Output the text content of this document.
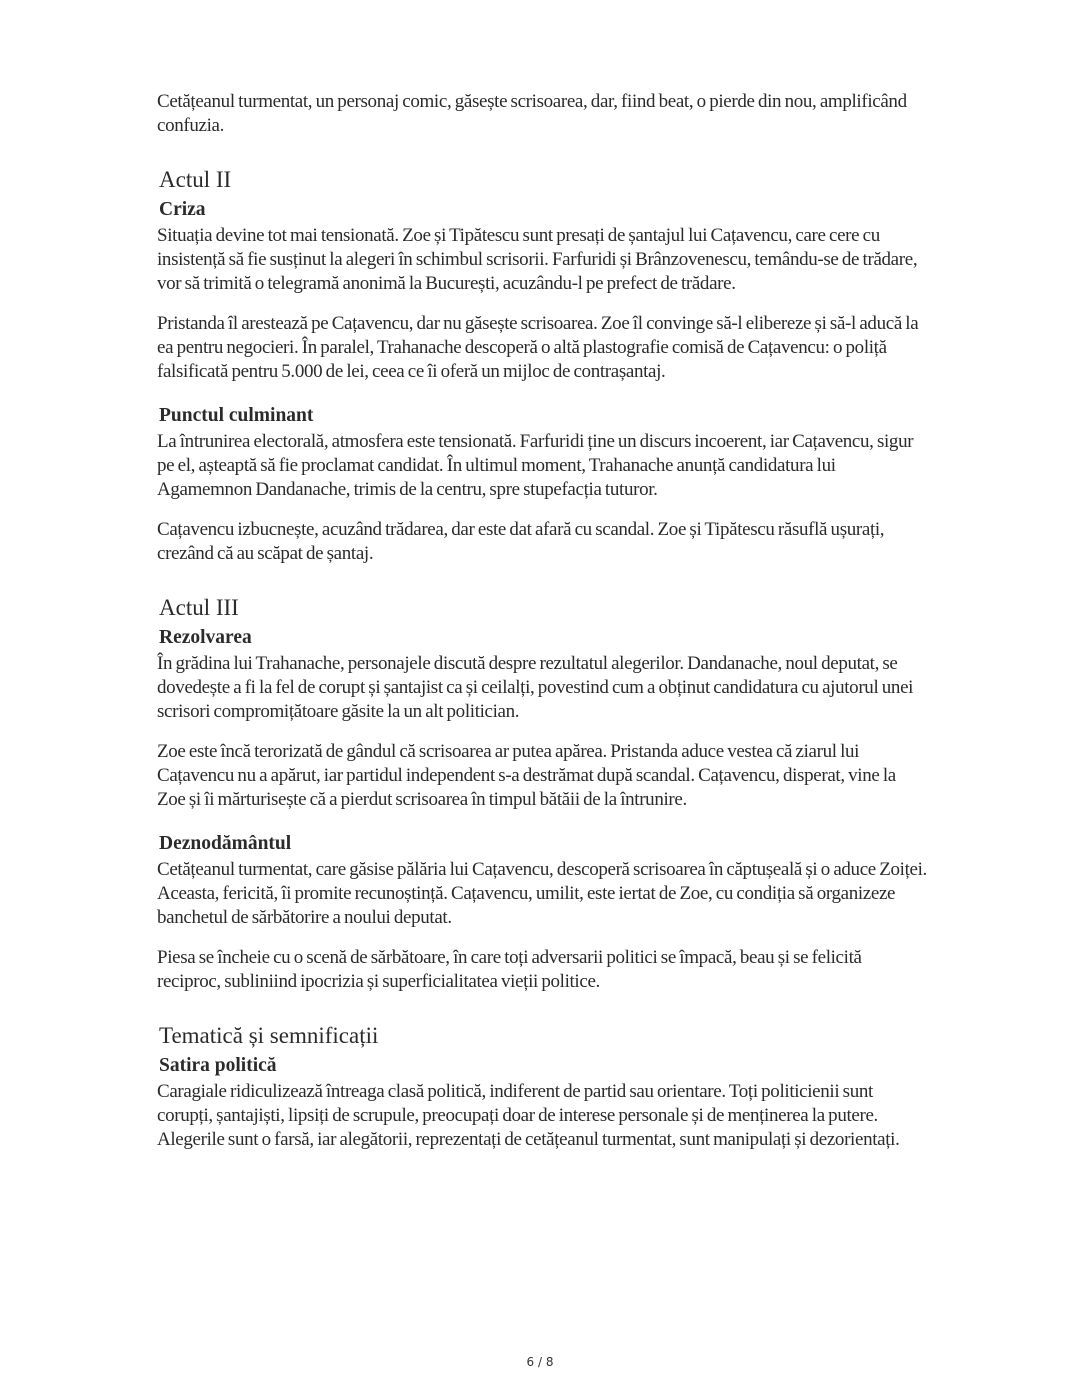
Cetățeanul turmentat, un personaj comic, găsește scrisoarea, dar, fiind beat, o pierde din nou, amplificând confuzia.

Actul II
Criza

Situația devine tot mai tensionată. Zoe și Tipătescu sunt presați de șantajul lui Cațavencu, care cere cu insistență să fie susținut la alegeri în schimbul scrisorii. Farfuridi și Brânzovenescu, temându-se de trădare, vor să trimită o telegramă anonimă la București, acuzându-l pe prefect de trădare.

Pristanda îl arestează pe Cațavencu, dar nu găsește scrisoarea. Zoe îl convinge să-l elibereze și să-l aducă la ea pentru negocieri. În paralel, Trahanache descoperă o altă plastografie comisă de Cațavencu: o poliță falsificată pentru 5.000 de lei, ceea ce îi oferă un mijloc de contrașantaj.

Punctul culminant

La întrunirea electorală, atmosfera este tensionată. Farfuridi ține un discurs incoerent, iar Cațavencu, sigur pe el, așteaptă să fie proclamat candidat. În ultimul moment, Trahanache anunță candidatura lui Agamemnon Dandanache, trimis de la centru, spre stupefacția tuturor.

Cațavencu izbucnește, acuzând trădarea, dar este dat afară cu scandal. Zoe și Tipătescu răsuflă ușurați, crezând că au scăpat de șantaj.

Actul III
Rezolvarea

În grădina lui Trahanache, personajele discută despre rezultatul alegerilor. Dandanache, noul deputat, se dovedește a fi la fel de corupt și șantajist ca și ceilalți, povestind cum a obținut candidatura cu ajutorul unei scrisori compromițătoare găsite la un alt politician.

Zoe este încă terorizată de gândul că scrisoarea ar putea apărea. Pristanda aduce vestea că ziarul lui Cațavencu nu a apărut, iar partidul independent s-a destrămat după scandal. Cațavencu, disperat, vine la Zoe și îi mărturisește că a pierdut scrisoarea în timpul bătăii de la întrunire.

Deznodământul

Cetățeanul turmentat, care găsise pălăria lui Cațavencu, descoperă scrisoarea în căptușeală și o aduce Zoiței. Aceasta, fericită, îi promite recunoștință. Cațavencu, umilit, este iertat de Zoe, cu condiția să organizeze banchetul de sărbătorire a noului deputat.

Piesa se încheie cu o scenă de sărbătoare, în care toți adversarii politici se împacă, beau și se felicită reciproc, subliniind ipocrizia și superficialitatea vieții politice.

Tematică și semnificații
Satira politică

Caragiale ridiculizează întreaga clasă politică, indiferent de partid sau orientare. Toți politicienii sunt corupți, șantajiști, lipsiți de scrupule, preocupați doar de interese personale și de menținerea la putere. Alegerile sunt o farsă, iar alegătorii, reprezentați de cetățeanul turmentat, sunt manipulați și dezorientați.

6 / 8
